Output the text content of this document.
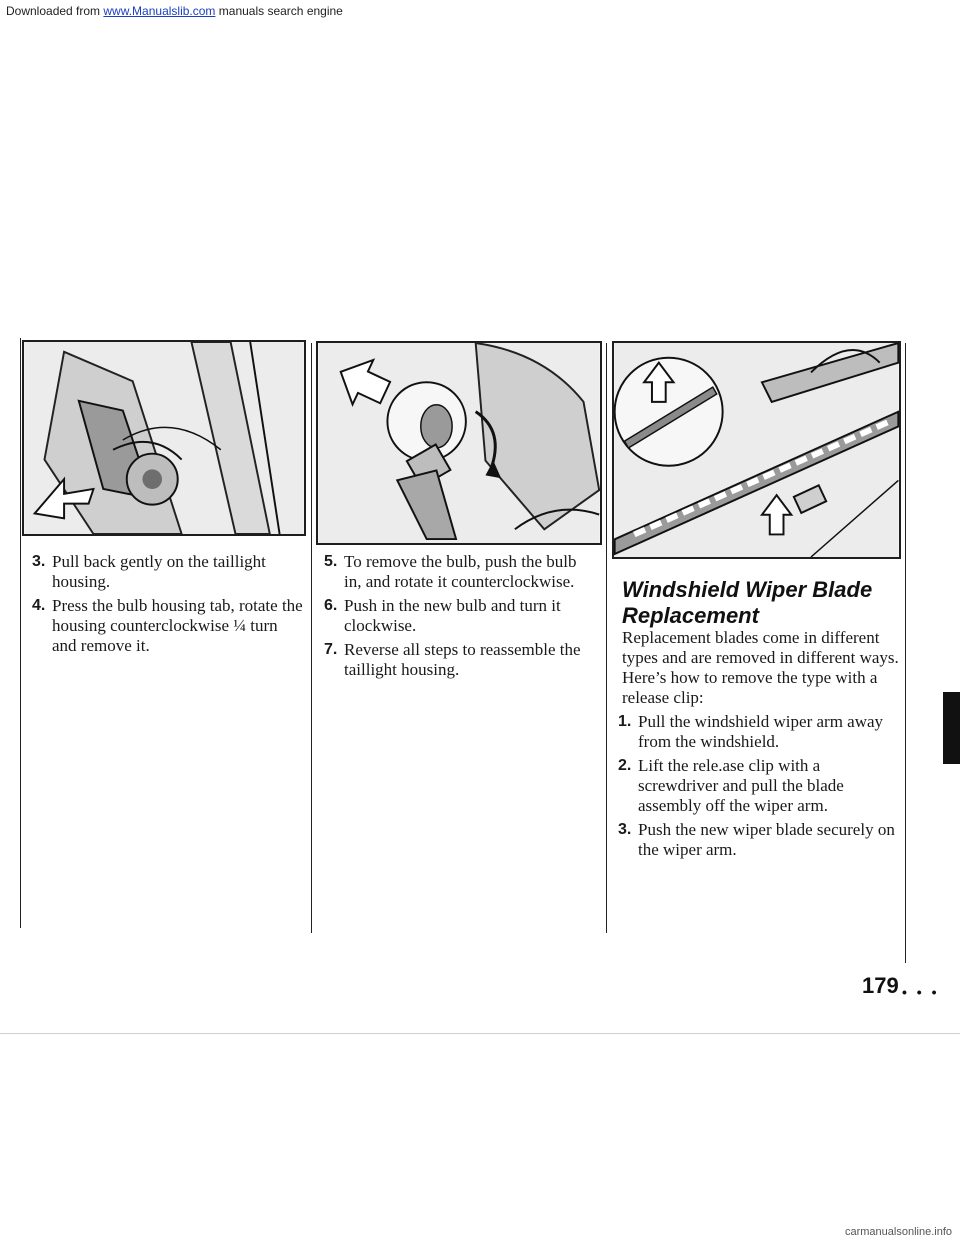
Downloaded from www.Manualslib.com manuals search engine
3. Pull back gently on the taillight housing.
4. Press the bulb housing tab, rotate the housing counterclockwise ¼ turn and remove it.
5. To remove the bulb, push the bulb in, and rotate it counterclockwise.
6. Push in the new bulb and turn it clockwise.
7. Reverse all steps to reassemble the taillight housing.
Windshield Wiper Blade Replacement

Replacement blades come in different types and are removed in different ways. Here’s how to remove the type with a release clip:

1. Pull the windshield wiper arm away from the windshield.
2. Lift the rele.ase clip with a screwdriver and pull the blade assembly off the wiper arm.
3. Push the new wiper blade securely on the wiper arm.
179 • • •
carmanualsonline.info
